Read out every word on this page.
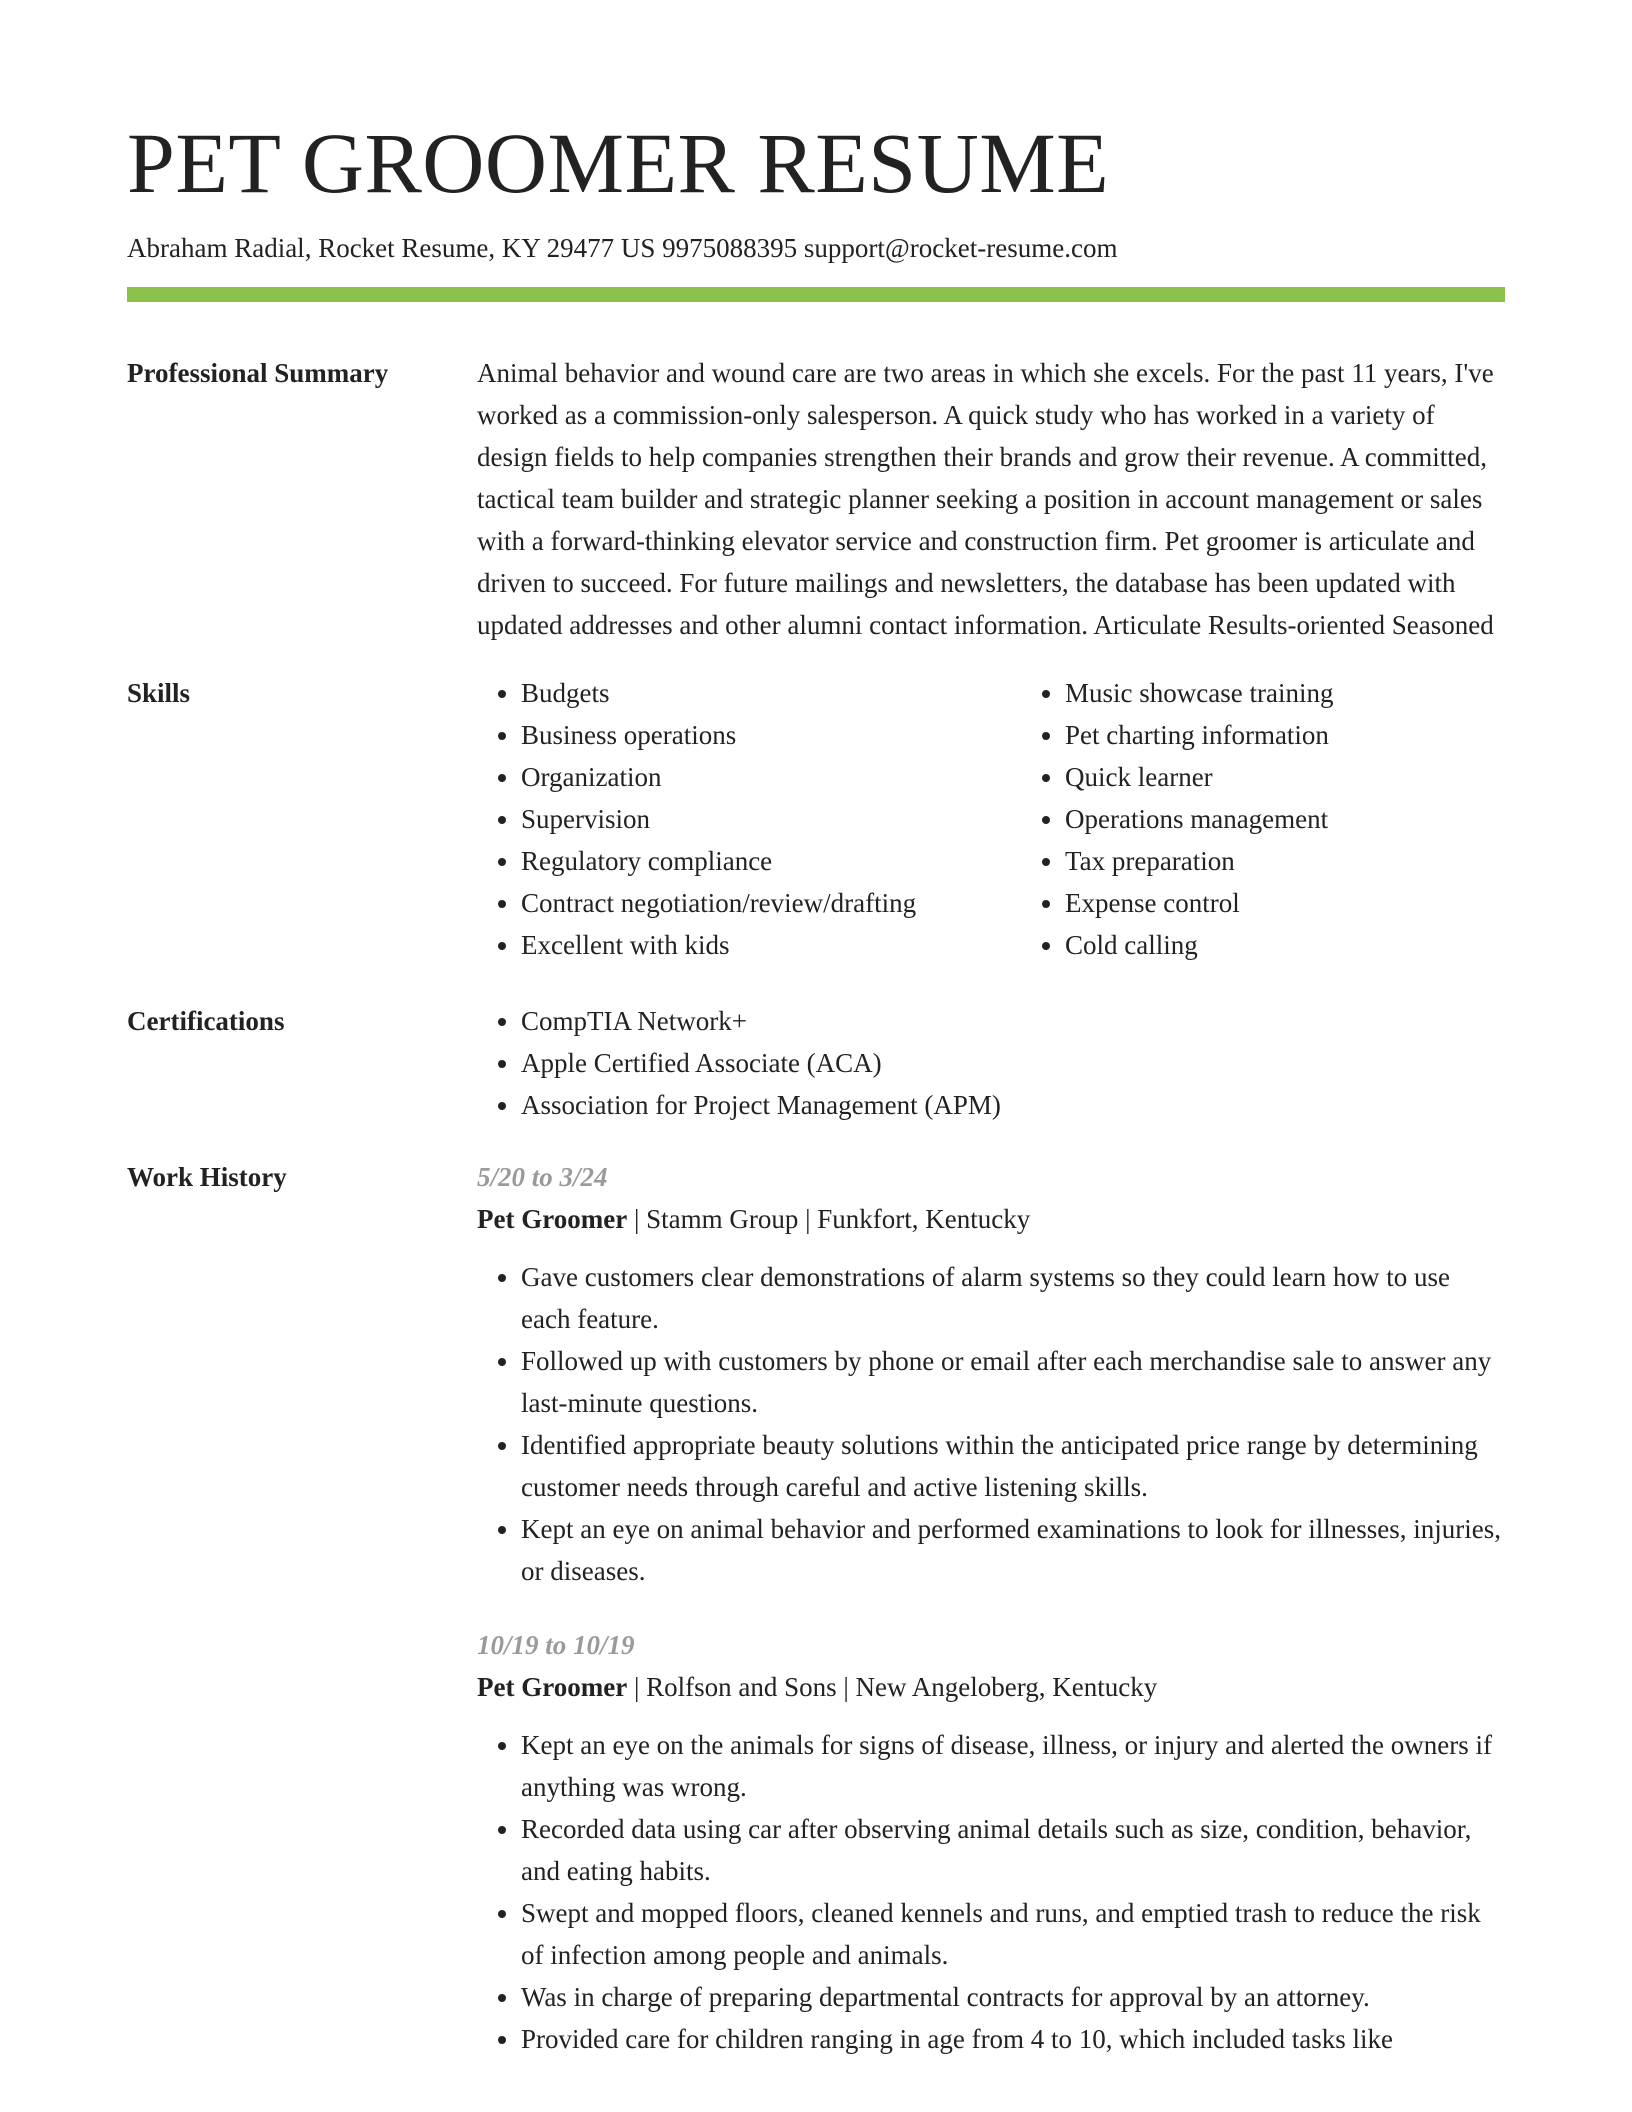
PET GROOMER RESUME
Abraham Radial, Rocket Resume, KY 29477 US 9975088395 support@rocket-resume.com
Professional Summary	Animal behavior and wound care are two areas in which she excels. For the past 11 years, I've worked as a commission-only salesperson. A quick study who has worked in a variety of design fields to help companies strengthen their brands and grow their revenue. A committed, tactical team builder and strategic planner seeking a position in account management or sales with a forward-thinking elevator service and construction firm. Pet groomer is articulate and driven to succeed. For future mailings and newsletters, the database has been updated with updated addresses and other alumni contact information. Articulate Results-oriented Seasoned

Skills	• Budgets
• Business operations
• Organization
• Supervision
• Regulatory compliance
• Contract negotiation/review/drafting
• Excellent with kids
• Music showcase training
• Pet charting information
• Quick learner
• Operations management
• Tax preparation
• Expense control
• Cold calling
Certifications	• CompTIA Network+
• Apple Certified Associate (ACA)
• Association for Project Management (APM)
Work History	5/20 to 3/24
Pet Groomer | Stamm Group | Funkfort, Kentucky
• Gave customers clear demonstrations of alarm systems so they could learn how to use each feature.
• Followed up with customers by phone or email after each merchandise sale to answer any last-minute questions.
• Identified appropriate beauty solutions within the anticipated price range by determining customer needs through careful and active listening skills.
• Kept an eye on animal behavior and performed examinations to look for illnesses, injuries, or diseases.
10/19 to 10/19
Pet Groomer | Rolfson and Sons | New Angeloberg, Kentucky
• Kept an eye on the animals for signs of disease, illness, or injury and alerted the owners if anything was wrong.
• Recorded data using car after observing animal details such as size, condition, behavior, and eating habits.
• Swept and mopped floors, cleaned kennels and runs, and emptied trash to reduce the risk of infection among people and animals.
• Was in charge of preparing departmental contracts for approval by an attorney.
• Provided care for children ranging in age from 4 to 10, which included tasks like
